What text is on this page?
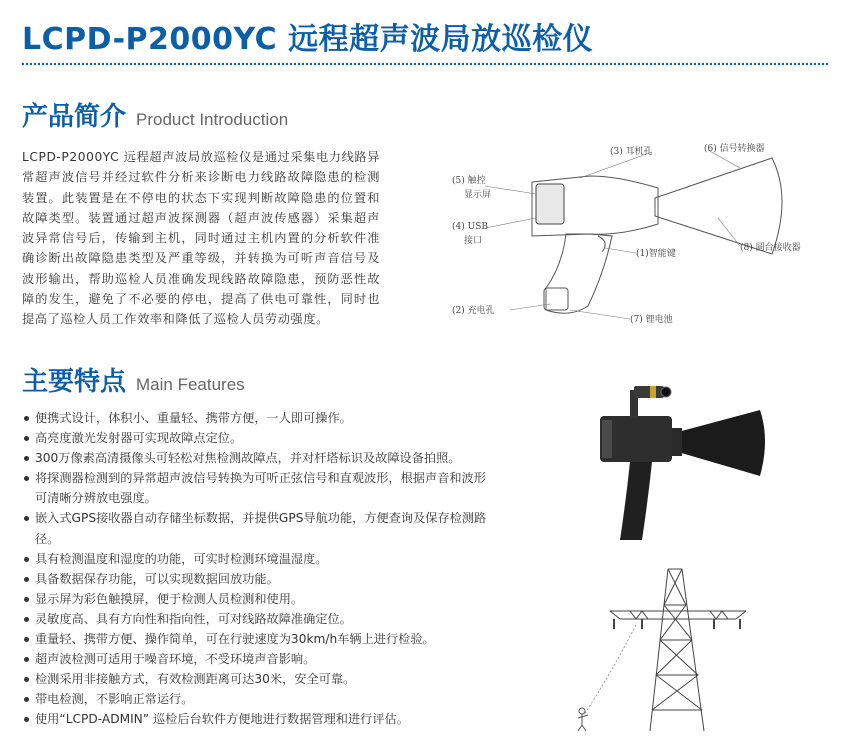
LCPD-P2000YC 远程超声波局放巡检仪
产品简介 Product Introduction
LCPD-P2000YC 远程超声波局放巡检仪是通过采集电力线路异常超声波信号并经过软件分析来诊断电力线路故障隐患的检测装置。此装置是在不停电的状态下实现判断故障隐患的位置和故障类型。装置通过超声波探测器（超声波传感器）采集超声波异常信号后，传输到主机，同时通过主机内置的分析软件准确诊断出故障隐患类型及严重等级，并转换为可听声音信号及波形输出，帮助巡检人员准确发现线路故障隐患，预防恶性故障的发生，避免了不必要的停电，提高了供电可靠性，同时也提高了巡检人员工作效率和降低了巡检人员劳动强度。
(3) 耳机孔	(6) 信号转换器
(5) 触控
显示屏
(4) USB
接口
(1)智能键
(8) 圆台接收器
(2) 充电孔
(7) 锂电池
主要特点 Main Features
便携式设计，体积小、重量轻、携带方便，一人即可操作。
高亮度激光发射器可实现故障点定位。
300万像素高清摄像头可轻松对焦检测故障点，并对杆塔标识及故障设备拍照。
将探测器检测到的异常超声波信号转换为可听正弦信号和直观波形，根据声音和波形可清晰分辨放电强度。
嵌入式GPS接收器自动存储坐标数据，并提供GPS导航功能，方便查询及保存检测路径。
具有检测温度和湿度的功能，可实时检测环境温湿度。
具备数据保存功能，可以实现数据回放功能。
显示屏为彩色触摸屏，便于检测人员检测和使用。
灵敏度高、具有方向性和指向性，可对线路故障准确定位。
重量轻、携带方便、操作简单，可在行驶速度为30km/h车辆上进行检验。
超声波检测可适用于噪音环境，不受环境声音影响。
检测采用非接触方式，有效检测距离可达30米，安全可靠。
带电检测，不影响正常运行。
使用“LCPD-ADMIN” 巡检后台软件方便地进行数据管理和进行评估。
